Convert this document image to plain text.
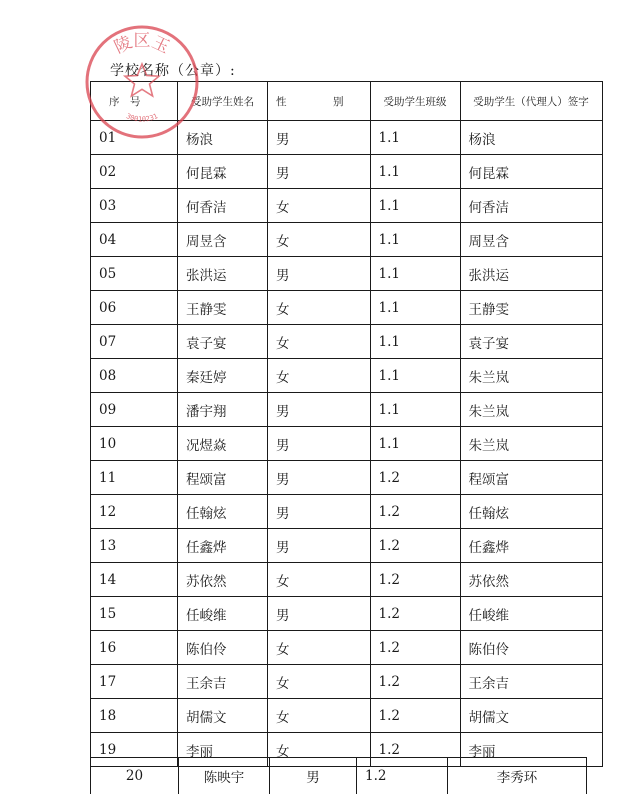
学校名称（公章）:
序　号	受助学生姓名	性　别	受助学生班级	受助学生（代理人）签字
01	杨浪	男	1.1	杨浪
02	何昆霖	男	1.1	何昆霖
03	何香洁	女	1.1	何香洁
04	周昱含	女	1.1	周昱含
05	张洪运	男	1.1	张洪运
06	王静雯	女	1.1	王静雯
07	袁子宴	女	1.1	袁子宴
08	秦廷婷	女	1.1	朱兰岚
09	潘宇翔	男	1.1	朱兰岚
10	况煜焱	男	1.1	朱兰岚
11	程颂富	男	1.2	程颂富
12	任翰炫	男	1.2	任翰炫
13	任鑫烨	男	1.2	任鑫烨
14	苏依然	女	1.2	苏依然
15	任峻维	男	1.2	任峻维
16	陈伯伶	女	1.2	陈伯伶
17	王余吉	女	1.2	王余吉
18	胡儒文	女	1.2	胡儒文
19	李丽	女	1.2	李丽
20	陈映宇	男	1.2	李秀环
陵区玉
30010231
